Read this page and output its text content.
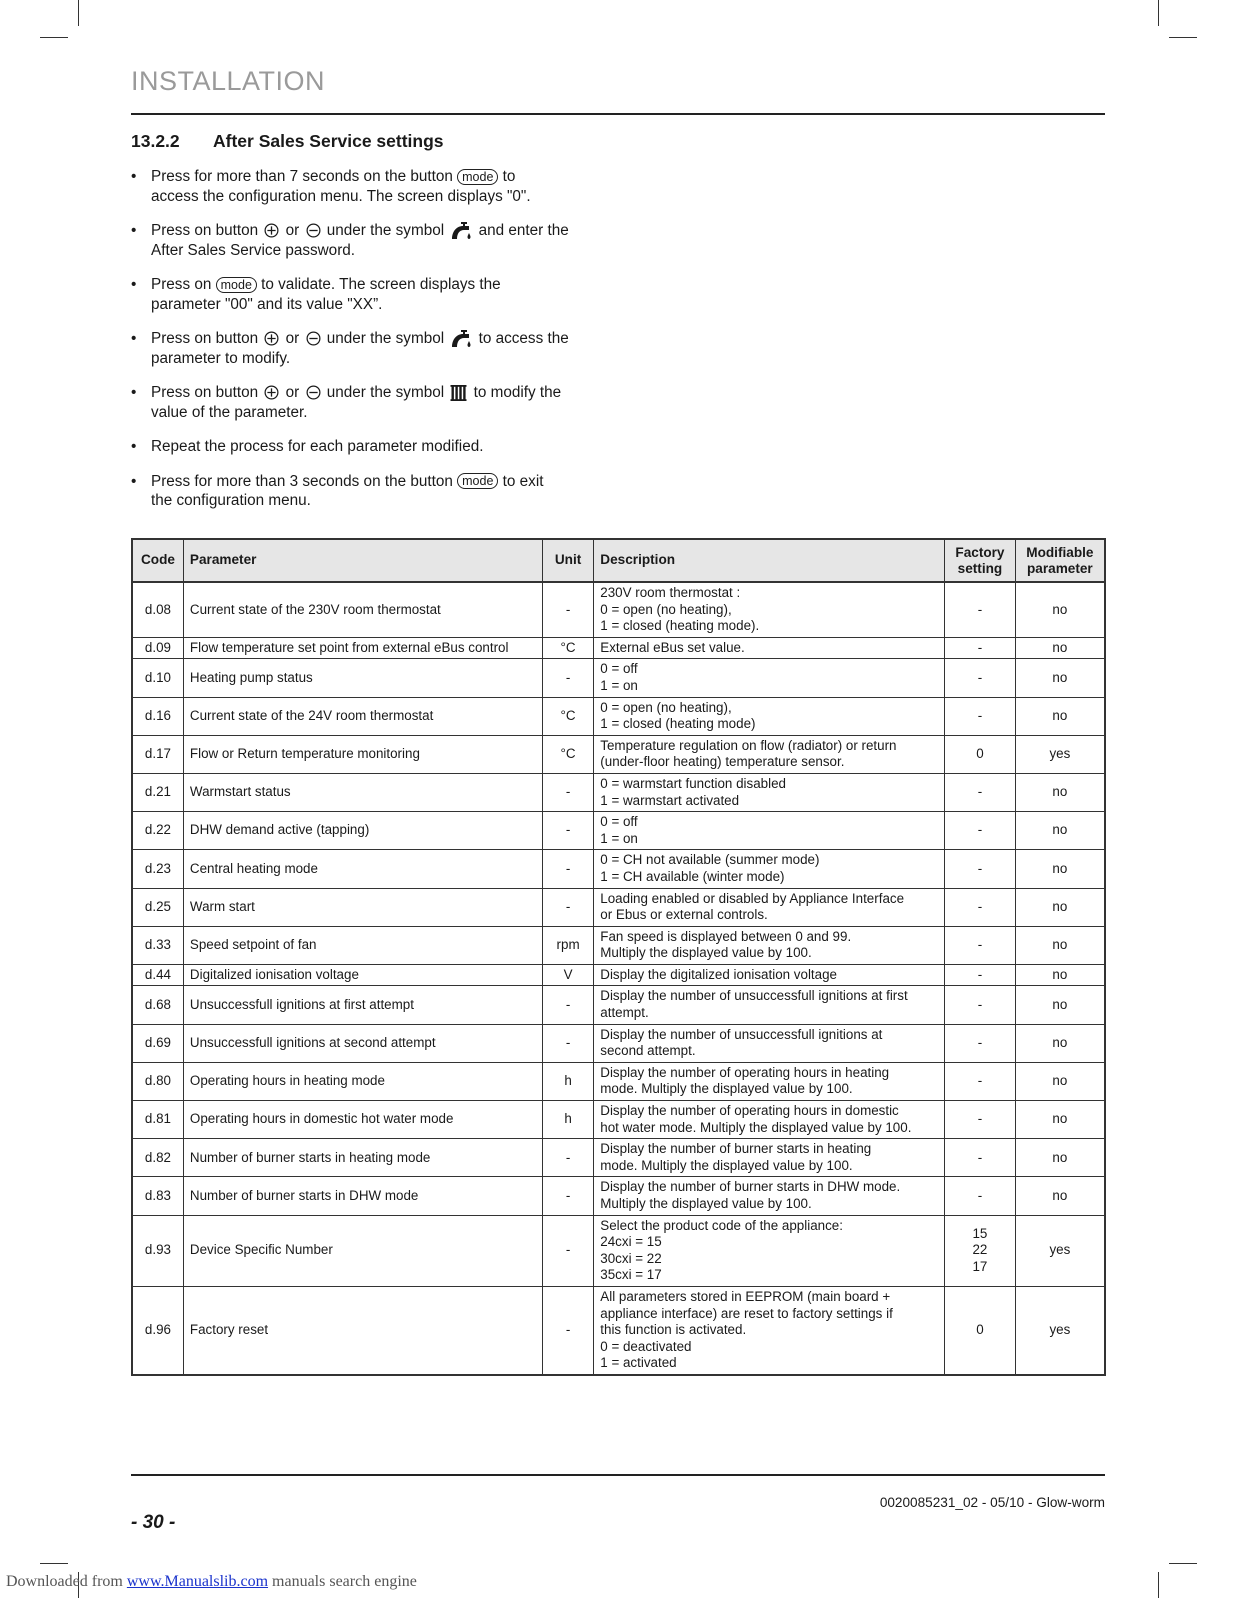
INSTALLATION
13.2.2 After Sales Service settings
• Press for more than 7 seconds on the button mode to
access the configuration menu. The screen displays "0".
• Press on button
or
under the symbol
and enter the
After Sales Service password.
• Press on mode to validate. The screen displays the
parameter "00" and its value "XX”.
• Press on button
or
under the symbol
to access the
parameter to modify.
• Press on button
or
under the symbol
to modify the
value of the parameter.
• Repeat the process for each parameter modified.
• Press for more than 3 seconds on the button mode to exit
the configuration menu.
Code	Parameter	Unit	Description	Factory
setting	Modifiable
parameter
d.08	Current state of the 230V room thermostat	-	230V room thermostat :
0 = open (no heating),
1 = closed (heating mode).	-	no
d.09	Flow temperature set point from external eBus control	°C	External eBus set value.	-	no
d.10	Heating pump status	-	0 = off
1 = on	-	no
d.16	Current state of the 24V room thermostat	°C	0 = open (no heating),
1 = closed (heating mode)	-	no
d.17	Flow or Return temperature monitoring	°C	Temperature regulation on flow (radiator) or return
(under-floor heating) temperature sensor.	0	yes
d.21	Warmstart status	-	0 = warmstart function disabled
1 = warmstart activated	-	no
d.22	DHW demand active (tapping)	-	0 = off
1 = on	-	no
d.23	Central heating mode	-	0 = CH not available (summer mode)
1 = CH available (winter mode)	-	no
d.25	Warm start	-	Loading enabled or disabled by Appliance Interface
or Ebus or external controls.	-	no
d.33	Speed setpoint of fan	rpm	Fan speed is displayed between 0 and 99.
Multiply the displayed value by 100.	-	no
d.44	Digitalized ionisation voltage	V	Display the digitalized ionisation voltage	-	no
d.68	Unsuccessfull ignitions at first attempt	-	Display the number of unsuccessfull ignitions at first
attempt.	-	no
d.69	Unsuccessfull ignitions at second attempt	-	Display the number of unsuccessfull ignitions at
second attempt.	-	no
d.80	Operating hours in heating mode	h	Display the number of operating hours in heating
mode. Multiply the displayed value by 100.	-	no
d.81	Operating hours in domestic hot water mode	h	Display the number of operating hours in domestic
hot water mode. Multiply the displayed value by 100.	-	no
d.82	Number of burner starts in heating mode	-	Display the number of burner starts in heating
mode. Multiply the displayed value by 100.	-	no
d.83	Number of burner starts in DHW mode	-	Display the number of burner starts in DHW mode.
Multiply the displayed value by 100.	-	no
d.93	Device Specific Number	-	Select the product code of the appliance:
24cxi = 15
30cxi = 22
35cxi = 17	15
22
17	yes
d.96	Factory reset	-	All parameters stored in EEPROM (main board +
appliance interface) are reset to factory settings if
this function is activated.
0 = deactivated
1 = activated	0	yes
0020085231_02 - 05/10 - Glow-worm
- 30 -
Downloaded from www.Manualslib.com manuals search engine
